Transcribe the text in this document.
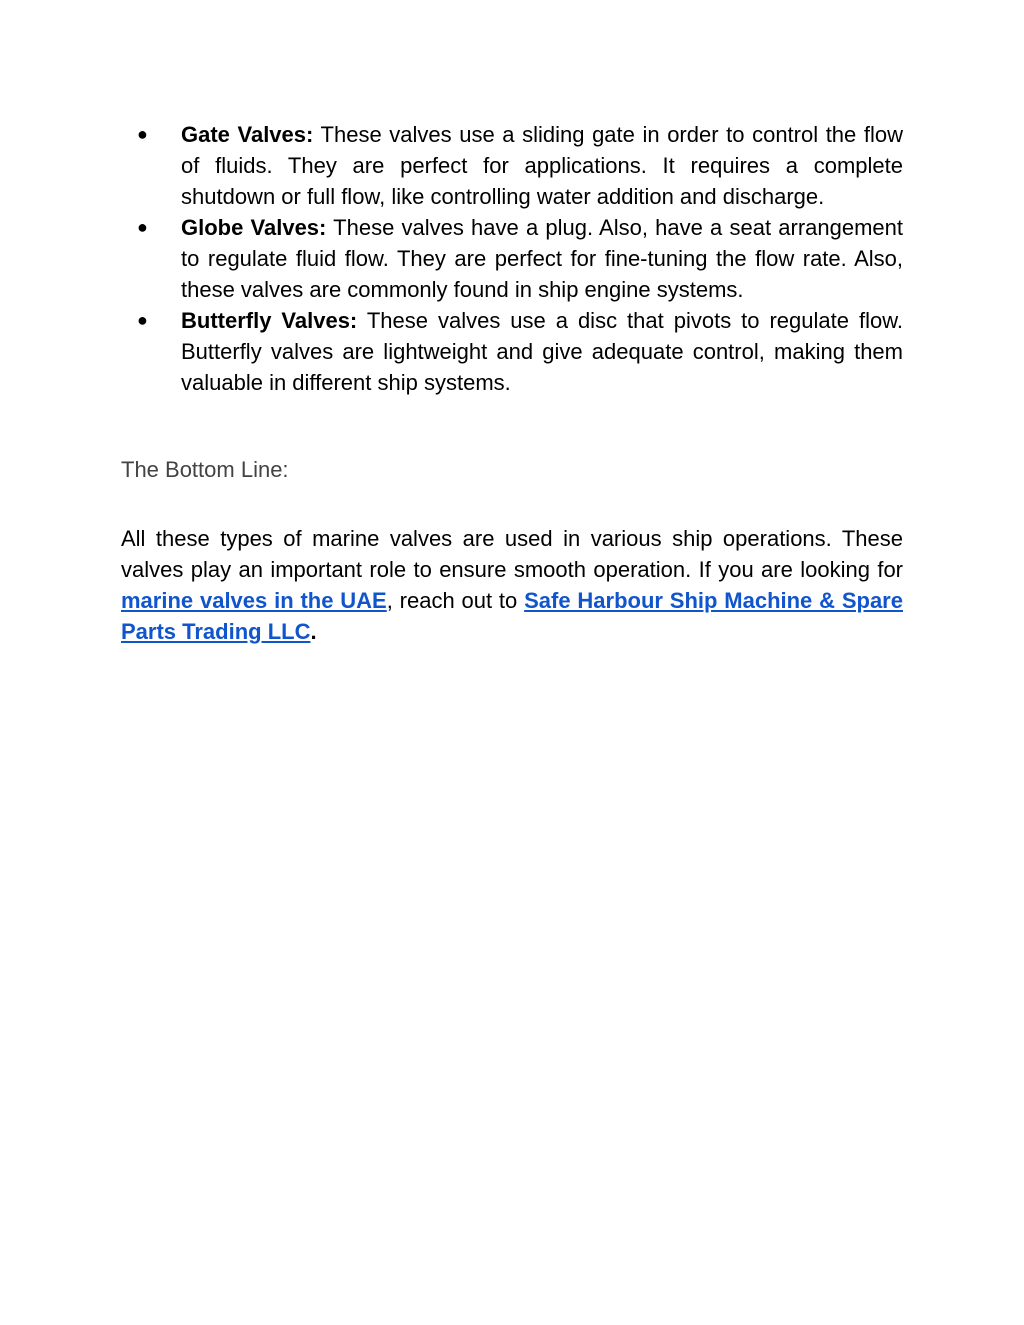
● Gate Valves: These valves use a sliding gate in order to control the flow of fluids. They are perfect for applications. It requires a complete shutdown or full flow, like controlling water addition and discharge.
● Globe Valves: These valves have a plug. Also, have a seat arrangement to regulate fluid flow. They are perfect for fine-tuning the flow rate. Also, these valves are commonly found in ship engine systems.
● Butterfly Valves: These valves use a disc that pivots to regulate flow. Butterfly valves are lightweight and give adequate control, making them valuable in different ship systems.
The Bottom Line:

All these types of marine valves are used in various ship operations. These valves play an important role to ensure smooth operation. If you are looking for marine valves in the UAE, reach out to Safe Harbour Ship Machine & Spare Parts Trading LLC.
